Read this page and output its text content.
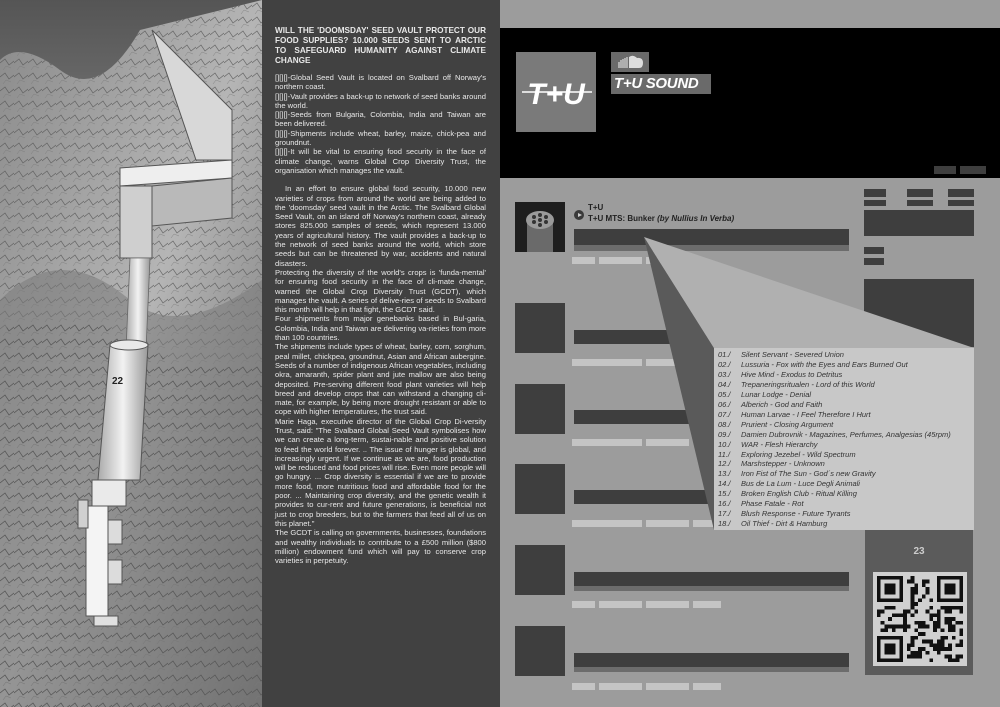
22
WILL THE 'DOOMSDAY' SEED VAULT PROTECT OUR FOOD SUPPLIES? 10.000 SEEDS SENT TO ARCTIC TO SAFEGUARD HUMANITY AGAINST CLIMATE CHANGE
[][][]-Global Seed Vault is located on Svalbard off Norway's northern coast.
[][][]-Vault provides a back-up to network of seed banks around the world.
[][][]-Seeds from Bulgaria, Colombia, India and Taiwan are been delivered.
[][][]-Shipments include wheat, barley, maize, chick-pea and groundnut.
[][][]-It will be vital to ensuring food security in the face of climate change, warns Global Crop Diversity Trust, the organisation which manages the vault.

In an effort to ensure global food security, 10.000 new varieties of crops from around the world are being added to the 'doomsday' seed vault in the Arctic. The Svalbard Global Seed Vault, on an island off Norway's northern coast, already stores 825.000 samples of seeds, which represent 13.000 years of agricultural history. The vault provides a back-up to the network of seed banks around the world, which store seeds but can be threatened by war, accidents and natural disasters.

Protecting the diversity of the world's crops is 'funda-mental' for ensuring food security in the face of cli-mate change, warned the Global Crop Diversity Trust (GCDT), which manages the vault. A series of delive-ries of seeds to Svalbard this month will help in that fight, the GCDT said.

Four shipments from major genebanks based in Bul-garia, Colombia, India and Taiwan are delivering va-rieties from more than 100 countries.

The shipments include types of wheat, barley, corn, sorghum, peal millet, chickpea, groundnut, Asian and African aubergine. Seeds of a number of indigenous African vegetables, including okra, amaranth, spider plant and jute mallow are also being deposited. Pre-serving different food plant varieties will help breed and develop crops that can withstand a changing cli-mate, for example, by being more drought resistant or able to cope with higher temperatures, the trust said.

Marie Haga, executive director of the Global Crop Di-versity Trust, said: "The Svalbard Global Seed Vault symbolises how we can create a long-term, sustai-nable and positive solution to feed the world forever. .. The issue of hunger is global, and increasingly urgent. If we continue as we are, food production will be reduced and food prices will rise. Even more people will go hungry. ... Crop diversity is essential if we are to provide more food, more nutritious food and affordable food for the poor. ... Maintaining crop diversity, and the genetic wealth it provides to cur-rent and future generations, is beneficial not just to crop breeders, but to the farmers that feed all of us on this planet."

The GCDT is calling on governments, businesses, foundations and wealthy individuals to contribute to a £500 million ($800 million) endowment fund which will pay to conserve crop varieties in perpetuity.

T+U T+U SOUND
T+U
T+U MTS: Bunker (by Nullius In Verba)
01./ Silent Servant - Severed Union
02./ Lussuria - Fox with the Eyes and Ears Burned Out
03./ Hive Mind - Exodus to Detritus
04./ Trepaneringsritualen - Lord of this World
05./ Lunar Lodge - Denial
06./ Alberich - God and Faith
07./ Human Larvae - I Feel Therefore I Hurt
08./ Prurient - Closing Argument
09./ Damien Dubrovnik - Magazines, Perfumes, Analgesias (45rpm)
10./ WAR - Flesh Hierarchy
11./ Exploring Jezebel - Wild Spectrum
12./ Marshstepper - Unknown
13./ Iron Fist of The Sun - God´s new Gravity
14./ Bus de La Lum - Luce Degli Animali
15./ Broken English Club - Ritual Killing
16./ Phase Fatale - Rot
17./ Blush Response - Future Tyrants
18./ Oil Thief - Dirt & Hamburg
23
